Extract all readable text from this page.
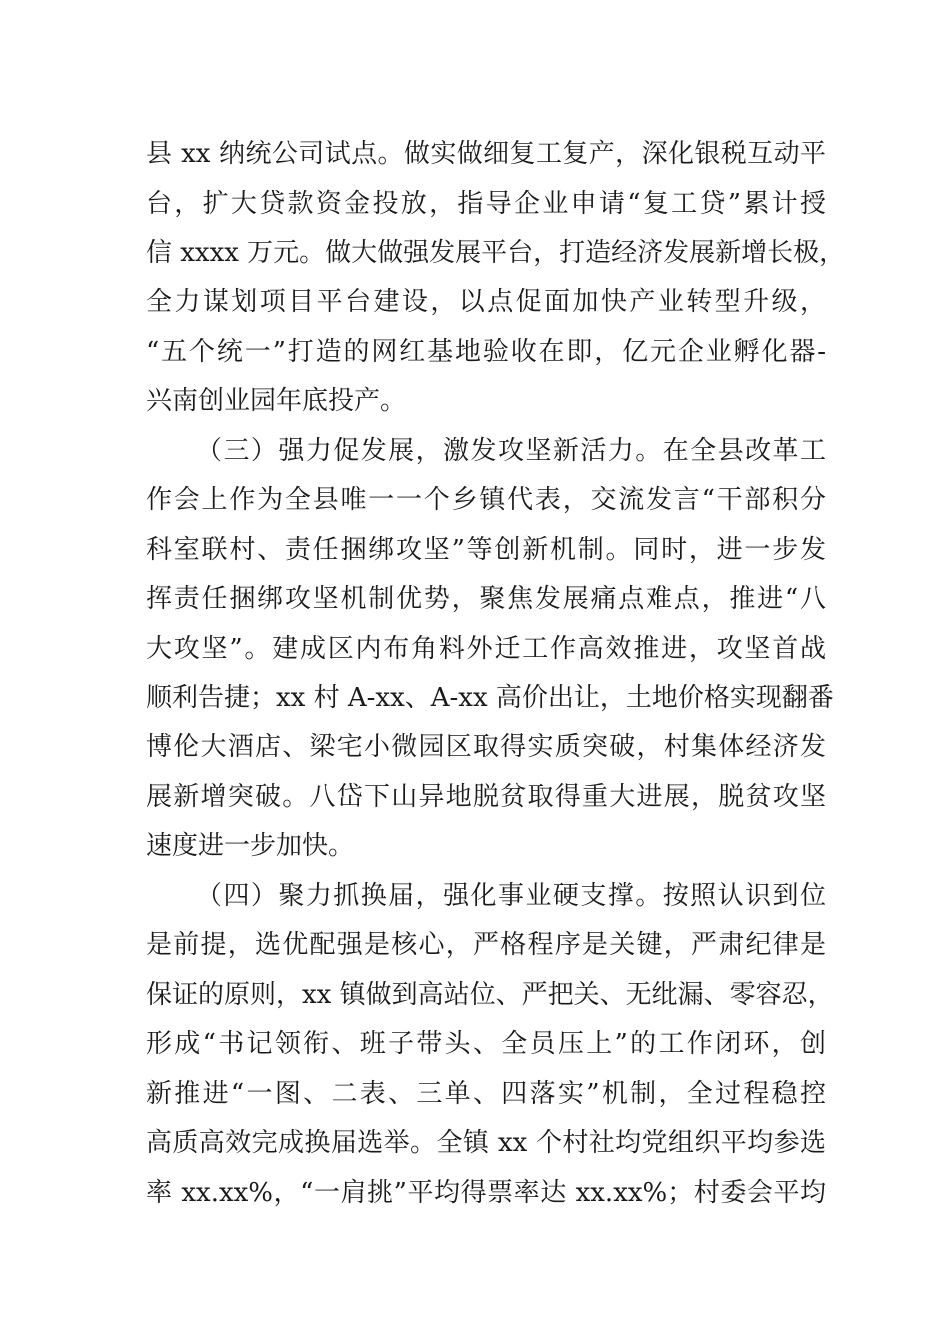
县 xx 纳统公司试点。做实做细复工复产，深化银税互动平
台，扩大贷款资金投放，指导企业申请“复工贷”累计授
信 xxxx 万元。做大做强发展平台，打造经济发展新增长极，
全力谋划项目平台建设，以点促面加快产业转型升级，
“五个统一”打造的网红基地验收在即，亿元企业孵化器-
兴南创业园年底投产。
（三）强力促发展，激发攻坚新活力。在全县改革工
作会上作为全县唯一一个乡镇代表，交流发言“干部积分
科室联村、责任捆绑攻坚”等创新机制。同时，进一步发
挥责任捆绑攻坚机制优势，聚焦发展痛点难点，推进“八
大攻坚”。建成区内布角料外迁工作高效推进，攻坚首战
顺利告捷；xx 村 A-xx、A-xx 高价出让，土地价格实现翻番
博伦大酒店、梁宅小微园区取得实质突破，村集体经济发
展新增突破。八岱下山异地脱贫取得重大进展，脱贫攻坚
速度进一步加快。
（四）聚力抓换届，强化事业硬支撑。按照认识到位
是前提，选优配强是核心，严格程序是关键，严肃纪律是
保证的原则，xx 镇做到高站位、严把关、无纰漏、零容忍，
形成“书记领衔、班子带头、全员压上”的工作闭环，创
新推进“一图、二表、三单、四落实”机制，全过程稳控
高质高效完成换届选举。全镇 xx 个村社均党组织平均参选
率 xx.xx%，“一肩挑”平均得票率达 xx.xx%；村委会平均
